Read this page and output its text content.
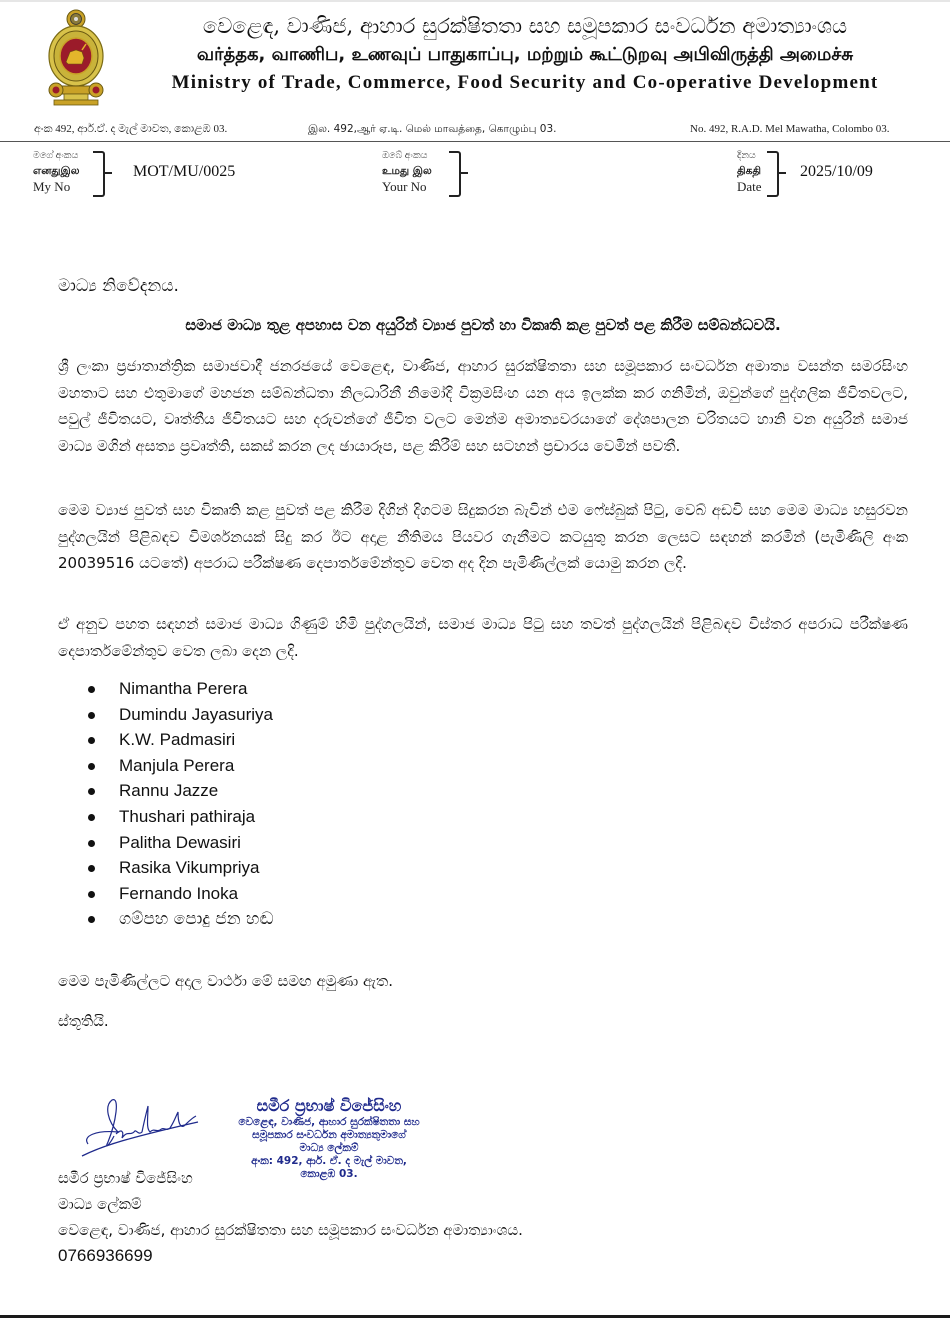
වෙළෙඳ, වාණිජ, ආහාර සුරක්ෂිතතා සහ සමූපකාර සංවර්ධන අමාත්‍යාංශය
வர்த்தக, வாணிப, உணவுப் பாதுகாப்பு, மற்றும் கூட்டுறவு அபிவிருத்தி அமைச்சு
Ministry of Trade, Commerce, Food Security and Co-operative Development
අංක 492, ආර්.ඒ. ද මැල් මාවත, කොළඹ 03.	இல. 492,ஆர் ஏ.டி. மெல் மாவத்தை, கொழும்பு 03.	No. 492, R.A.D. Mel Mawatha, Colombo 03.
මගේ අංකය
எனதுஇல
My No
MOT/MU/0025
ඔබේ අංකය
உமது இல
Your No
දිනය
திகதி
Date
2025/10/09
මාධ්‍ය නිවේදනය.
සමාජ මාධ්‍ය තුළ අපහාස වන අයුරින් ව්‍යාජ පුවත් හා විකෘති කළ පුවත් පළ කිරීම සම්බන්ධවයි.
ශ්‍රී ලංකා ප්‍රජාතාන්ත්‍රික සමාජවාදී ජනරජයේ වෙළෙඳ, වාණිජ, ආහාර සුරක්ෂිතතා සහ සමූපකාර සංවර්ධන අමාත්‍ය වසන්ත සමරසිංහ මහතාට සහ එතුමාගේ මහජන සම්බන්ධතා නිලධාරිනී නිමෝදි වික්‍රමසිංහ යන අය ඉලක්ක කර ගනිමින්, ඔවුන්ගේ පුද්ගලික ජීවිතවලට, පවුල් ජීවිතයට, වෘත්තීය ජීවිතයට සහ දරුවන්ගේ ජීවිත වලට මෙන්ම අමාත්‍යවරයාගේ දේශපාලන චරිතයට හානි වන අයුරින් සමාජ මාධ්‍ය මගින් අසත්‍ය ප්‍රවෘත්ති, සකස් කරන ලද ඡායාරූප, පළ කිරීම් සහ සටහන් ප්‍රචාරය වෙමින් පවතී.
මෙම ව්‍යාජ පුවත් සහ විකෘති කළ පුවත් පළ කිරීම දිගින් දිගටම සිදුකරන බැවින් එම ෆේස්බුක් පිටු, වෙබ් අඩවි සහ මෙම මාධ්‍ය හසුරවන පුද්ගලයින් පිළිබඳව විමර්ශනයක් සිදු කර ඊට අදාළ නීතිමය පියවර ගැනීමට කටයුතු කරන ලෙසට සඳහන් කරමින් (පැමිණිලි අංක 20039516 යටතේ) අපරාධ පරීක්ෂණ දෙපාර්තමේන්තුව වෙත අද දින පැමිණිල්ලක් යොමු කරන ලදි.
ඒ අනුව පහත සඳහන් සමාජ මාධ්‍ය ගිණුම් හිමි පුද්ගලයින්, සමාජ මාධ්‍ය පිටු සහ තවත් පුද්ගලයින් පිළිබඳව විස්තර අපරාධ පරීක්ෂණ දෙපාර්තමේන්තුව වෙත ලබා දෙන ලදි.
Nimantha Perera
Dumindu Jayasuriya
K.W. Padmasiri
Manjula Perera
Rannu Jazze
Thushari pathiraja
Palitha Dewasiri
Rasika Vikumpriya
Fernando Inoka
ගම්පහ පොදු ජන හඬ
මෙම පැමිණිල්ලට අදාල වාර්ථා මේ සමඟ අමුණා ඇත.
ස්තූතියි.
සමීර ප්‍රභාෂ් විජේසිංහ
වෙළෙඳ, වාණිජ, ආහාර සුරක්ෂිතතා සහ
සමූපකාර සංවර්ධන අමාත්‍යතුමාගේ
මාධ්‍ය ලේකම්
අංක: 492, ආර්. ඒ. ද මැල් මාවත,
කොළඹ 03.
සමීර ප්‍රභාෂ් විජේසිංහ
මාධ්‍ය ලේකම්
වෙළෙඳ, වාණිජ, ආහාර සුරක්ෂිතතා සහ සමූපකාර සංවර්ධන අමාත්‍යාංශය.
0766936699
